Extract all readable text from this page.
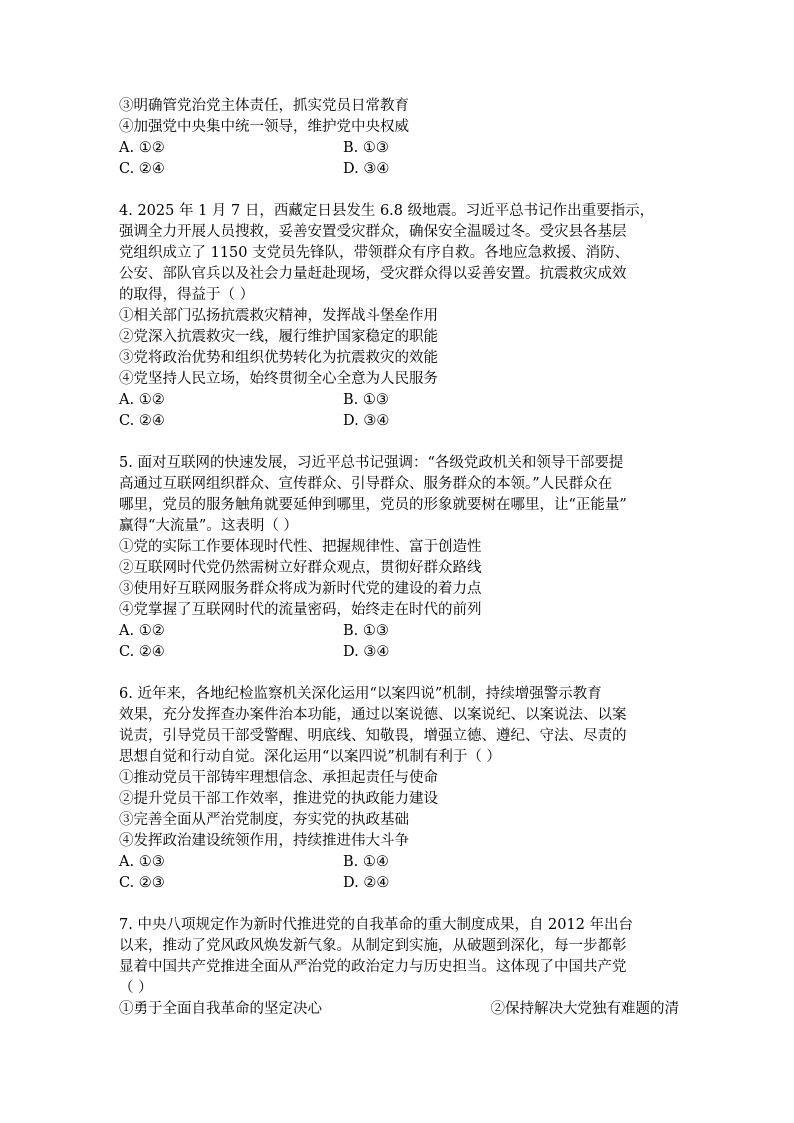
③明确管党治党主体责任，抓实党员日常教育
④加强党中央集中统一领导，维护党中央权威
A. ①②	B. ①③
C. ②④	D. ③④
4. 2025 年 1 月 7 日，西藏定日县发生 6.8 级地震。习近平总书记作出重要指示，
强调全力开展人员搜救，妥善安置受灾群众，确保安全温暖过冬。受灾县各基层
党组织成立了 1150 支党员先锋队，带领群众有序自救。各地应急救援、消防、
公安、部队官兵以及社会力量赶赴现场，受灾群众得以妥善安置。抗震救灾成效
的取得，得益于（ ）
①相关部门弘扬抗震救灾精神，发挥战斗堡垒作用
②党深入抗震救灾一线，履行维护国家稳定的职能
③党将政治优势和组织优势转化为抗震救灾的效能
④党坚持人民立场，始终贯彻全心全意为人民服务
A. ①②	B. ①③
C. ②④	D. ③④
5. 面对互联网的快速发展，习近平总书记强调：“各级党政机关和领导干部要提
高通过互联网组织群众、宣传群众、引导群众、服务群众的本领。”人民群众在
哪里，党员的服务触角就要延伸到哪里，党员的形象就要树在哪里，让“正能量”
赢得“大流量”。这表明（ ）
①党的实际工作要体现时代性、把握规律性、富于创造性
②互联网时代党仍然需树立好群众观点，贯彻好群众路线
③使用好互联网服务群众将成为新时代党的建设的着力点
④党掌握了互联网时代的流量密码，始终走在时代的前列
A. ①②	B. ①③
C. ②④	D. ③④
6. 近年来，各地纪检监察机关深化运用“以案四说”机制，持续增强警示教育
效果，充分发挥查办案件治本功能，通过以案说德、以案说纪、以案说法、以案
说责，引导党员干部受警醒、明底线、知敬畏，增强立德、遵纪、守法、尽责的
思想自觉和行动自觉。深化运用“以案四说”机制有利于（ ）
①推动党员干部铸牢理想信念、承担起责任与使命
②提升党员干部工作效率，推进党的执政能力建设
③完善全面从严治党制度，夯实党的执政基础
④发挥政治建设统领作用，持续推进伟大斗争
A. ①③	B. ①④
C. ②③	D. ②④
7. 中央八项规定作为新时代推进党的自我革命的重大制度成果，自 2012 年出台
以来，推动了党风政风焕发新气象。从制定到实施，从破题到深化，每一步都彰
显着中国共产党推进全面从严治党的政治定力与历史担当。这体现了中国共产党
（ ）
①勇于全面自我革命的坚定决心	②保持解决大党独有难题的清
